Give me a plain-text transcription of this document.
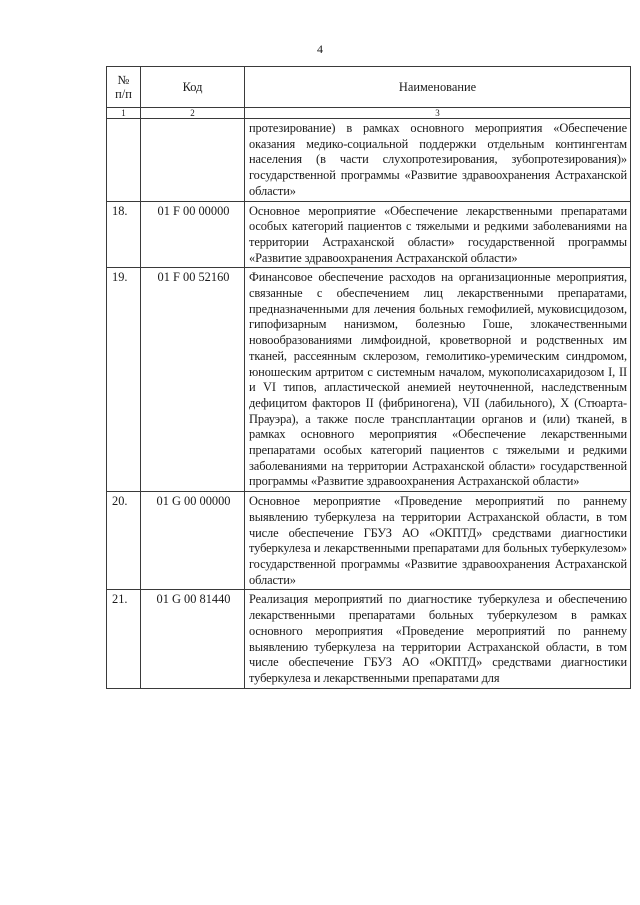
4
№
п/п	Код	Наименование
1	2	3
		протезирование) в рамках основного мероприятия «Обеспечение оказания медико-социальной поддержки отдельным контингентам населения (в части слухопротезирования, зубопротезирования)» государственной программы «Развитие здравоохранения Астраханской области»
18.	01 F 00 00000	Основное мероприятие «Обеспечение лекарственными препаратами особых категорий пациентов с тяжелыми и редкими заболеваниями на территории Астраханской области» государственной программы «Развитие здравоохранения Астраханской области»
19.	01 F 00 52160	Финансовое обеспечение расходов на организационные мероприятия, связанные с обеспечением лиц лекарственными препаратами, предназначенными для лечения больных гемофилией, муковисцидозом, гипофизарным нанизмом, болезнью Гоше, злокачественными новообразованиями лимфоидной, кроветворной и родственных им тканей, рассеянным склерозом, гемолитико-уремическим синдромом, юношеским артритом с системным началом, мукополисахаридозом I, II и VI типов, апластической анемией неуточненной, наследственным дефицитом факторов II (фибриногена), VII (лабильного), X (Стюарта-Прауэра), а также после трансплантации органов и (или) тканей, в рамках основного мероприятия «Обеспечение лекарственными препаратами особых категорий пациентов с тяжелыми и редкими заболеваниями на территории Астраханской области» государственной программы «Развитие здравоохранения Астраханской области»
20.	01 G 00 00000	Основное мероприятие «Проведение мероприятий по раннему выявлению туберкулеза на территории Астраханской области, в том числе обеспечение ГБУЗ АО «ОКПТД» средствами диагностики туберкулеза и лекарственными препаратами для больных туберкулезом» государственной программы «Развитие здравоохранения Астраханской области»
21.	01 G 00 81440	Реализация мероприятий по диагностике туберкулеза и обеспечению лекарственными препаратами больных туберкулезом в рамках основного мероприятия «Проведение мероприятий по раннему выявлению туберкулеза на территории Астраханской области, в том числе обеспечение ГБУЗ АО «ОКПТД» средствами диагностики туберкулеза и лекарственными препаратами для
